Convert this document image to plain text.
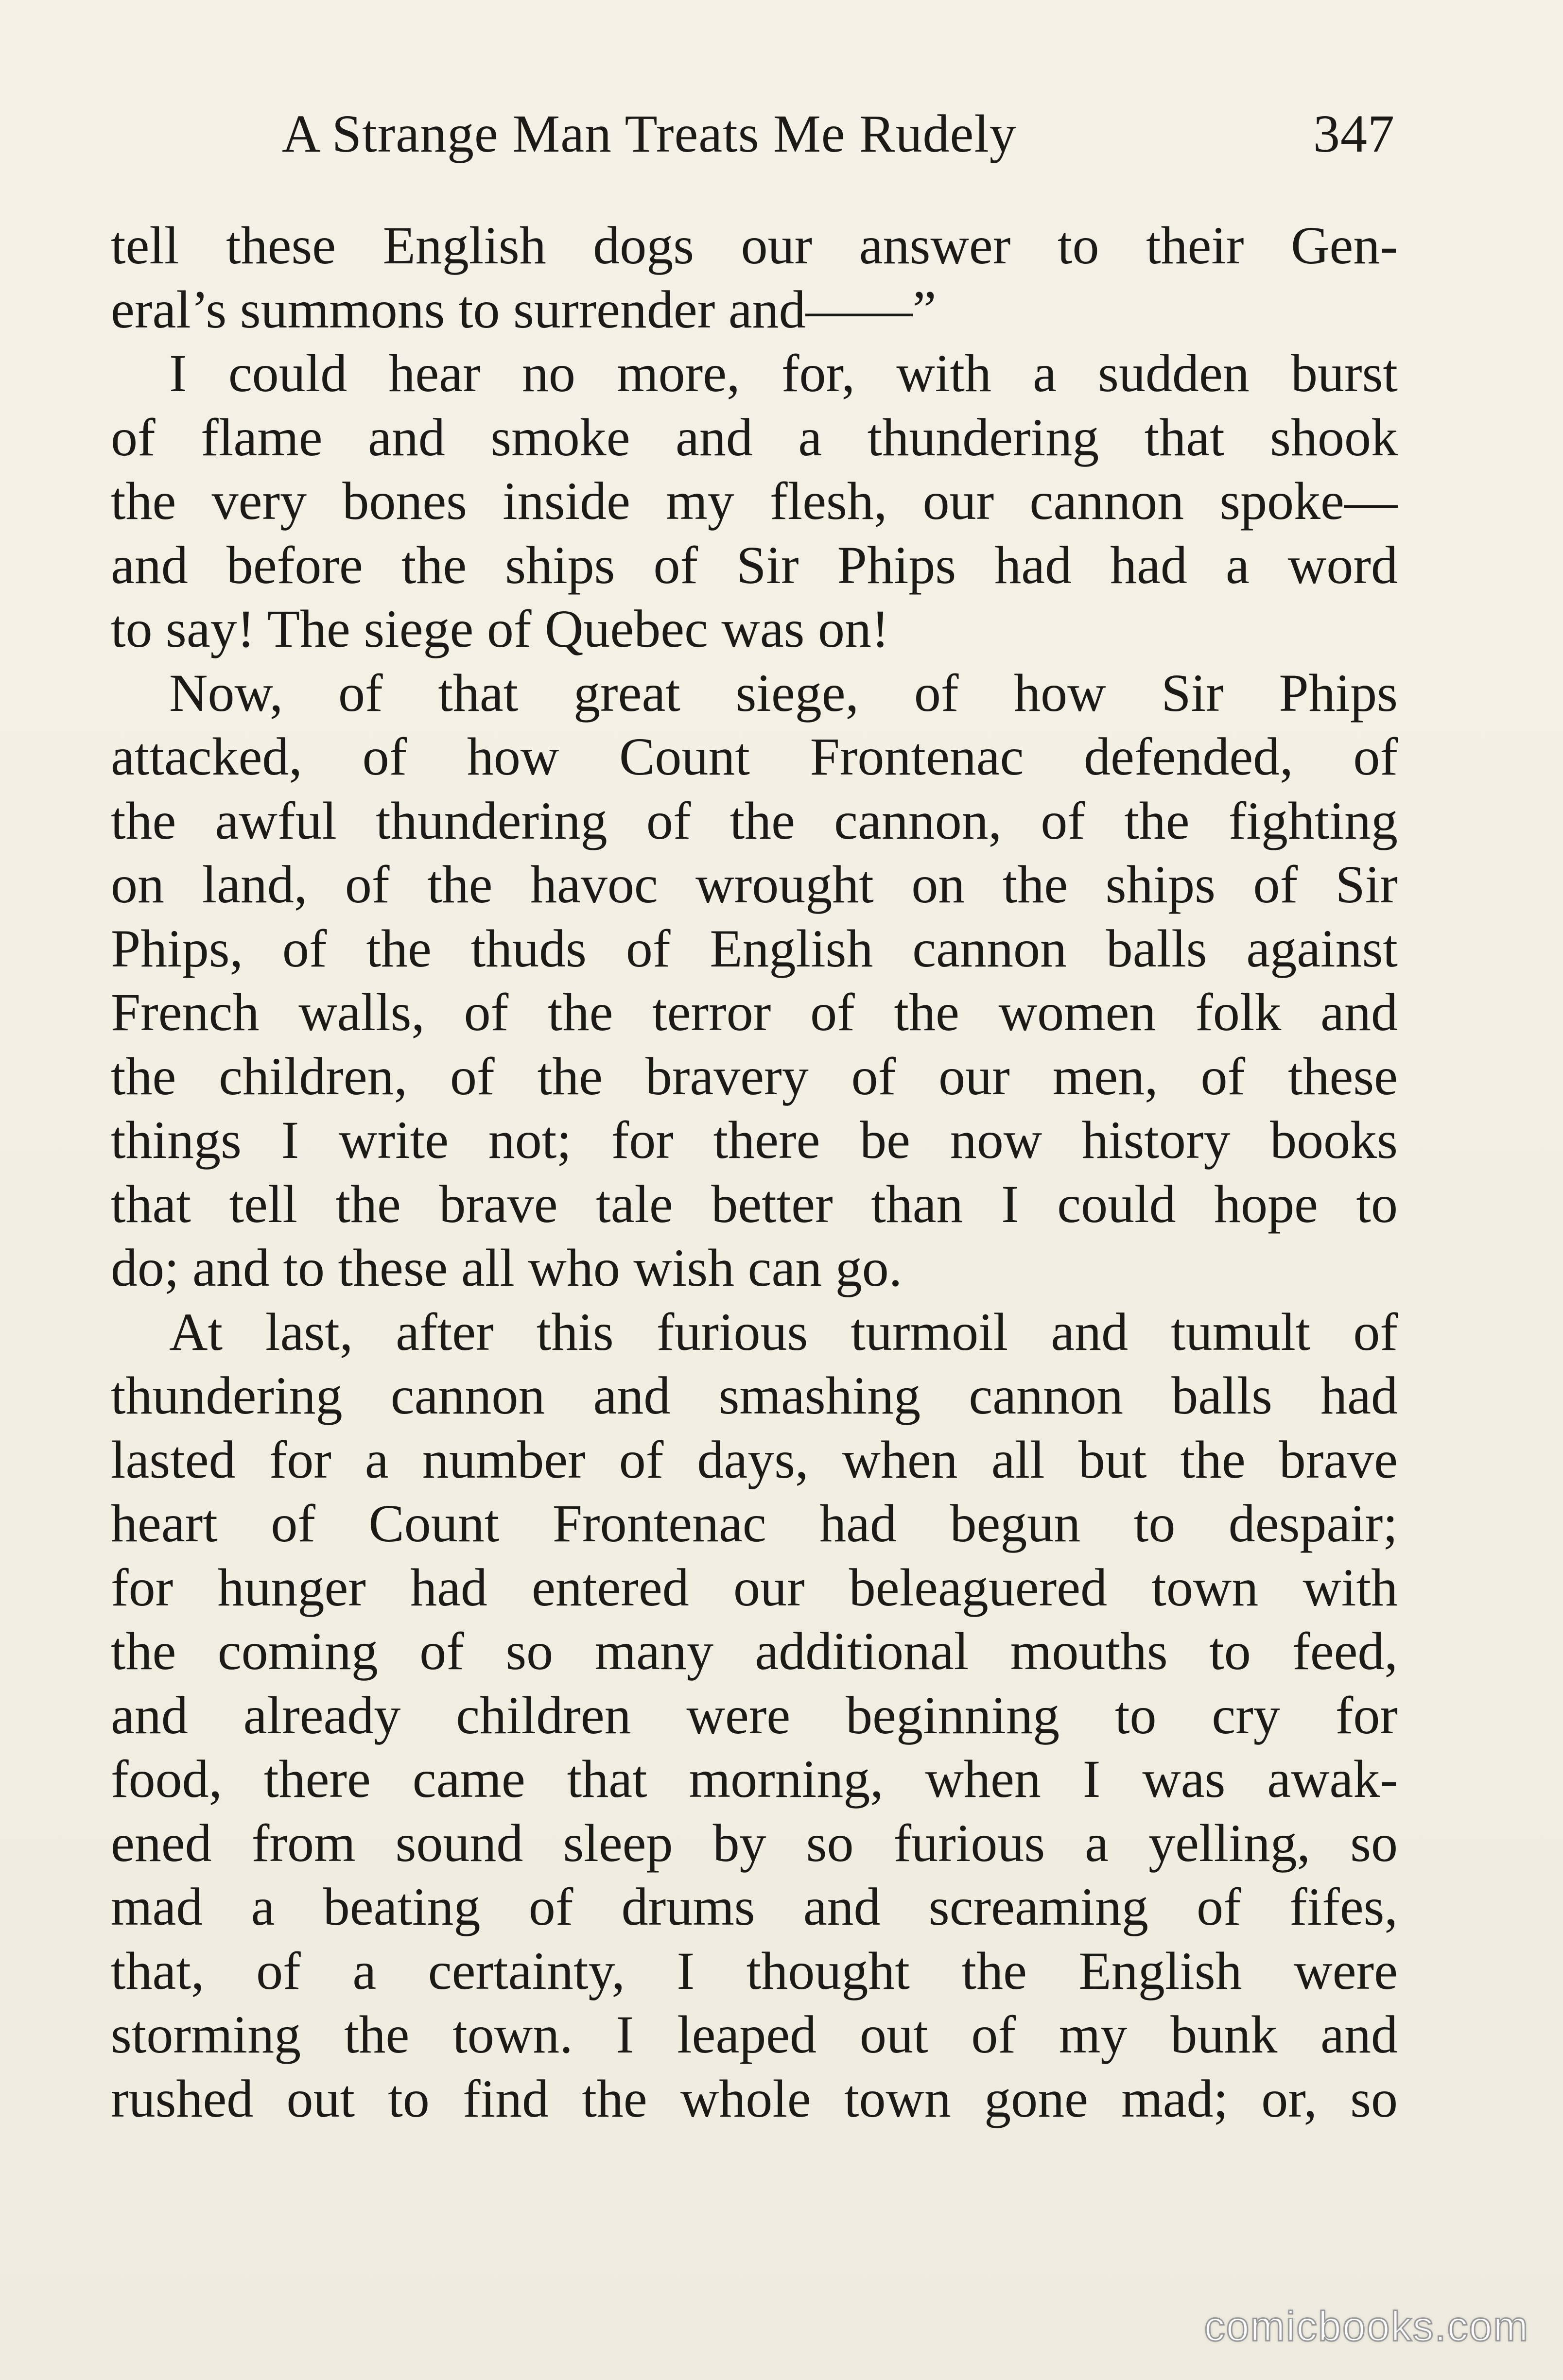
A Strange Man Treats Me Rudely	347
tell these English dogs our answer to their Gen-
eral’s summons to surrender and——”
I could hear no more, for, with a sudden burst
of flame and smoke and a thundering that shook
the very bones inside my flesh, our cannon spoke—
and before the ships of Sir Phips had had a word
to say! The siege of Quebec was on!
Now, of that great siege, of how Sir Phips
attacked, of how Count Frontenac defended, of
the awful thundering of the cannon, of the fighting
on land, of the havoc wrought on the ships of Sir
Phips, of the thuds of English cannon balls against
French walls, of the terror of the women folk and
the children, of the bravery of our men, of these
things I write not; for there be now history books
that tell the brave tale better than I could hope to
do; and to these all who wish can go.
At last, after this furious turmoil and tumult of
thundering cannon and smashing cannon balls had
lasted for a number of days, when all but the brave
heart of Count Frontenac had begun to despair;
for hunger had entered our beleaguered town with
the coming of so many additional mouths to feed,
and already children were beginning to cry for
food, there came that morning, when I was awak-
ened from sound sleep by so furious a yelling, so
mad a beating of drums and screaming of fifes,
that, of a certainty, I thought the English were
storming the town. I leaped out of my bunk and
rushed out to find the whole town gone mad; or, so
comicbooks.com
